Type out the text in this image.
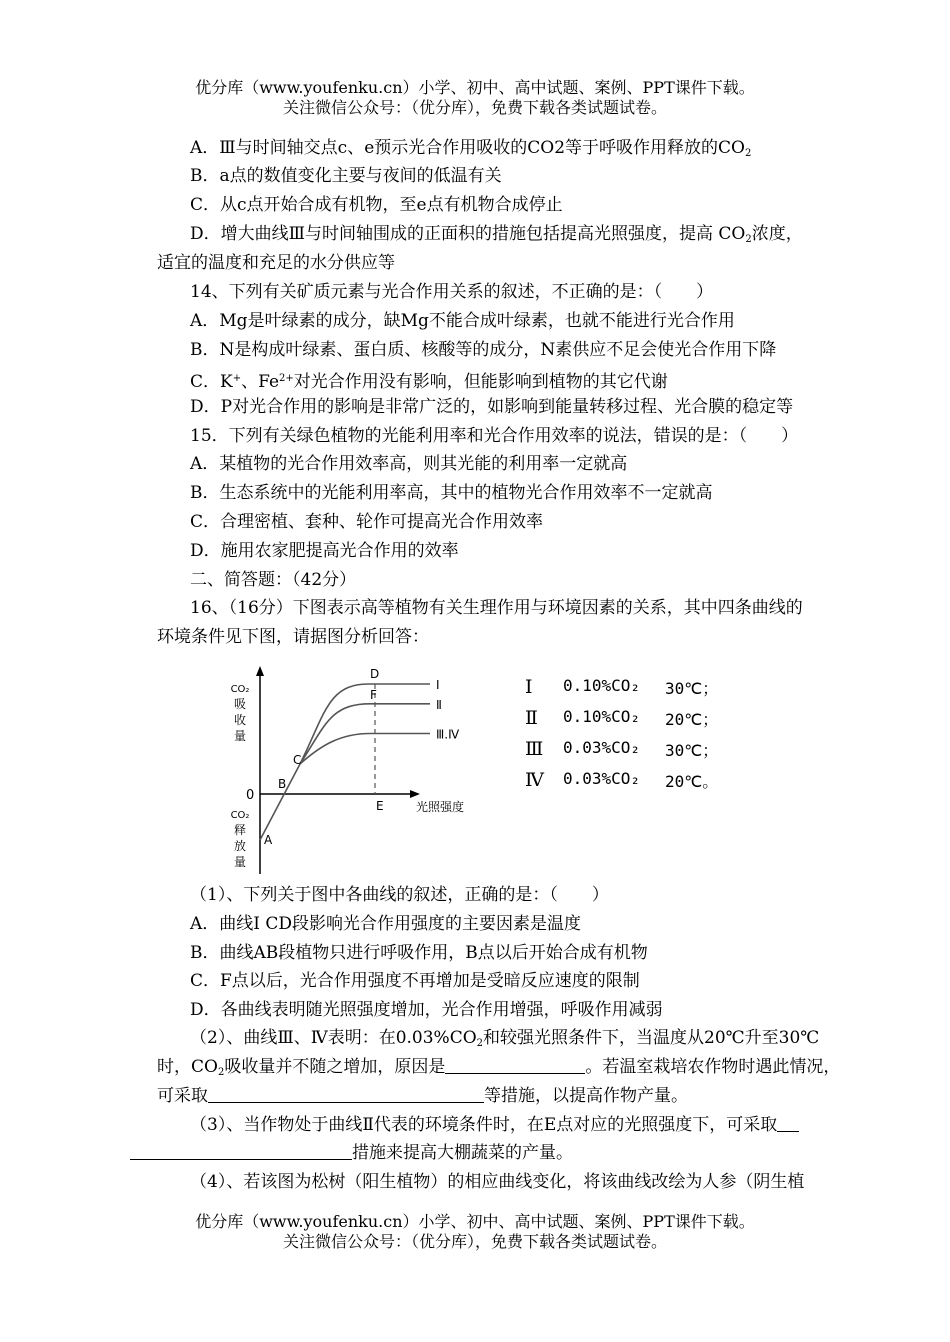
优分库（www.youfenku.cn）小学、初中、高中试题、案例、PPT课件下载。
关注微信公众号：（优分库），免费下载各类试题试卷。
A．Ⅲ与时间轴交点c、e预示光合作用吸收的CO2等于呼吸作用释放的$CO_2$
B．a点的数值变化主要与夜间的低温有关
C．从c点开始合成有机物，至e点有机物合成停止
D．增大曲线Ⅲ与时间轴围成的正面积的措施包括提高光照强度，提高 $CO_2$浓度，
适宜的温度和充足的水分供应等
14、下列有关矿质元素与光合作用关系的叙述，不正确的是：（　　）
A．Mg是叶绿素的成分，缺Mg不能合成叶绿素，也就不能进行光合作用
B．N是构成叶绿素、蛋白质、核酸等的成分，N素供应不足会使光合作用下降
C．K+、$Fe^{2+}$对光合作用没有影响，但能影响到植物的其它代谢
D．P对光合作用的影响是非常广泛的，如影响到能量转移过程、光合膜的稳定等
15．下列有关绿色植物的光能利用率和光合作用效率的说法，错误的是：（　　）
A．某植物的光合作用效率高，则其光能的利用率一定就高
B．生态系统中的光能利用率高，其中的植物光合作用效率不一定就高
C．合理密植、套种、轮作可提高光合作用效率
D．施用农家肥提高光合作用的效率
二、简答题：（42分）
16、（16分）下图表示高等植物有关生理作用与环境因素的关系，其中四条曲线的
环境条件见下图，请据图分析回答：
Ⅰ
Ⅱ
Ⅲ.Ⅳ
A
B
C
D
E
F
0
CO₂
吸
收
量
CO₂
释
放
量
光照强度
Ⅰ 0.10%CO₂ 30℃；
Ⅱ 0.10%CO₂ 20℃；
Ⅲ 0.03%CO₂ 30℃；
Ⅳ 0.03%CO₂ 20℃。
（1）、下列关于图中各曲线的叙述，正确的是：（　　）
A．曲线Ⅰ CD段影响光合作用强度的主要因素是温度
B．曲线AB段植物只进行呼吸作用，B点以后开始合成有机物
C．F点以后，光合作用强度不再增加是受暗反应速度的限制
D．各曲线表明随光照强度增加，光合作用增强，呼吸作用减弱
（2）、曲线Ⅲ、Ⅳ表明：在$0.03\%CO_2$和较强光照条件下，当温度从20℃升至30℃
时，$CO_2$吸收量并不随之增加，原因是	。若温室栽培农作物时遇此情况，
可采取	等措施，以提高作物产量。
（3）、当作物处于曲线Ⅱ代表的环境条件时，在E点对应的光照强度下，可采取
措施来提高大棚蔬菜的产量。
（4）、若该图为松树（阳生植物）的相应曲线变化，将该曲线改绘为人参（阴生植
优分库（www.youfenku.cn）小学、初中、高中试题、案例、PPT课件下载。
关注微信公众号：（优分库），免费下载各类试题试卷。
